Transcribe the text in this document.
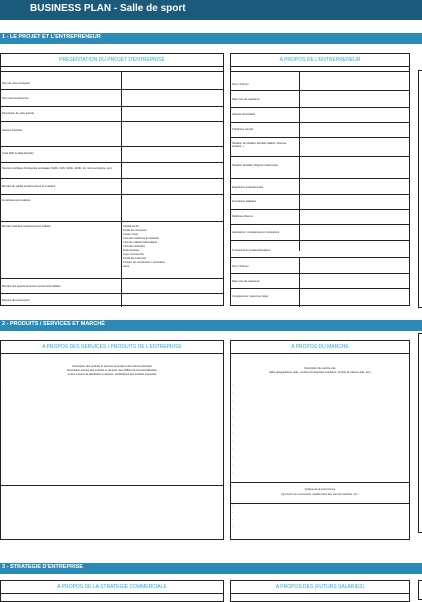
BUSINESS PLAN - Salle de sport
1 - LE PROJET ET L'ENTREPRENEUR
PRESENTATION DU PROJET D'ENTREPRISE
Nom de votre entreprise
Nom commercial prévu
Description de votre activité
Secteur d'Activité
Code APE (si déjà identifié)
Structure juridique d'entreprise envisagée (SARL, SAS, SASU, EURL, EI, micro-entreprise, etc.)
Montant du capital social à prévoir et à répartir
Investissements réalisés
Montant total des investissements réalisés	Capital social
Fonds de commerce
Locaux / bail
Coût des machines & matériels
Coût du matériel informatique
Coût des véhicules
Frais annexes
Loyer commercial
Fonds de roulement
Travaux de construction / rénovation
Autre
Montant des apports financiers personnels réalisés
Besoins de financement
A PROPOS DE L'ENTREPRENEUR
Nom / Prénom
Date / lieu de naissance
Adresse domiciliaire
Téléphone / Email
Situation de situation actuelle (salarié, chômeur, étudiant...)
Situation familiale / Régime matrimonial
Expérience professionnelle
Formations réalisées
Diplômes obtenus
Aspirations / compétences et motivations
Si l'associé du créateur/fondateur
Nom / Prénom
Date / lieu de naissance
Compétences / apport au projet
2 - PRODUITS / SERVICES ET MARCHÉ
A PROPOS DES SERVICES / PRODUITS DE L'ENTREPRISE
Description des produits et services proposés à des clients potentiels
Description précise des produits et services, des chiffres de commercialisation
et des réseaux de distribution (marques, certifications des produits proposés)
-
-
-
-
-
-
-
-
-
-
-
-
A PROPOS DU MARCHÉ
Description du marché visé
(taille géographique visée, nombre d'entreprises similaires, nombre de clients visés, etc.)
-
-
-
-
-
-
-
-
-
-
-
-
Analyse de la concurrence
(Qui sont vos concurrents, quelles parts leur sont de marchés, etc.)
-
-
-
-
3 - STRATEGIE D'ENTREPRISE
A PROPOS DE LA STRATEGIE COMMERCIALE	A PROPOS DES (FUTURS SALARIES)
